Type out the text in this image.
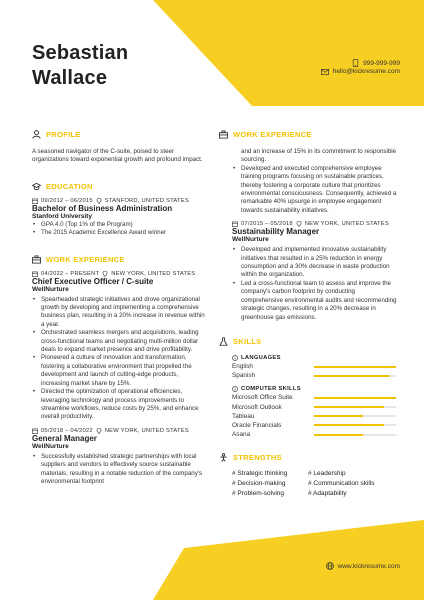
Sebastian
Wallace
999-999-999
hello@kickresume.com
PROFILE
A seasoned navigator of the C-suite, poised to steer organizations toward exponential growth and profound impact.
EDUCATION
09/2012 – 06/2015 STANFORD, UNITED STATES
Bachelor of Business Administration
Stanford University
• GPA 4.0 (Top 1% of the Program)
• The 2015 Academic Excellence Award winner
WORK EXPERIENCE
04/2022 – PRESENT NEW YORK, UNITED STATES
Chief Executive Officer / C-suite
WellNurture
• Spearheaded strategic initiatives and drove organizational growth by developing and implementing a comprehensive business plan, resulting in a 20% increase in revenue within a year.
• Orchestrated seamless mergers and acquisitions, leading cross-functional teams and negotiating multi-million dollar deals to expand market presence and drive profitability.
• Pioneered a culture of innovation and transformation, fostering a collaborative environment that propelled the development and launch of cutting-edge products, increasing market share by 15%.
• Directed the optimization of operational efficiencies, leveraging technology and process improvements to streamline workflows, reduce costs by 25%, and enhance overall productivity.
05/2018 – 04/2022 NEW YORK, UNITED STATES
General Manager
WellNurture
• Successfully established strategic partnerships with local suppliers and vendors to effectively source sustainable materials, resulting in a notable reduction of the company's environmental footprint
WORK EXPERIENCE
and an increase of 15% in its commitment to responsible sourcing.
• Developed and executed comprehensive employee training programs focusing on sustainable practices, thereby fostering a corporate culture that prioritizes environmental consciousness. Consequently, achieved a remarkable 40% upsurge in employee engagement towards sustainability initiatives.
07/2015 – 05/2018 NEW YORK, UNITED STATES
Sustainability Manager
WellNurture
• Developed and implemented innovative sustainability initiatives that resulted in a 25% reduction in energy consumption and a 30% decrease in waste production within the organization.
• Led a cross-functional team to assess and improve the company's carbon footprint by conducting comprehensive environmental audits and recommending strategic changes, resulting in a 20% decrease in greenhouse gas emissions.
SKILLS
LANGUAGES
English
Spanish
COMPUTER SKILLS
Microsoft Office Suite
Microsoft Outlook
Tableau
Oracle Financials
Asana
STRENGTHS
# Strategic thinking	# Leadership
# Decision-making	# Communication skills
# Problem-solving	# Adaptability
www.kickresume.com
